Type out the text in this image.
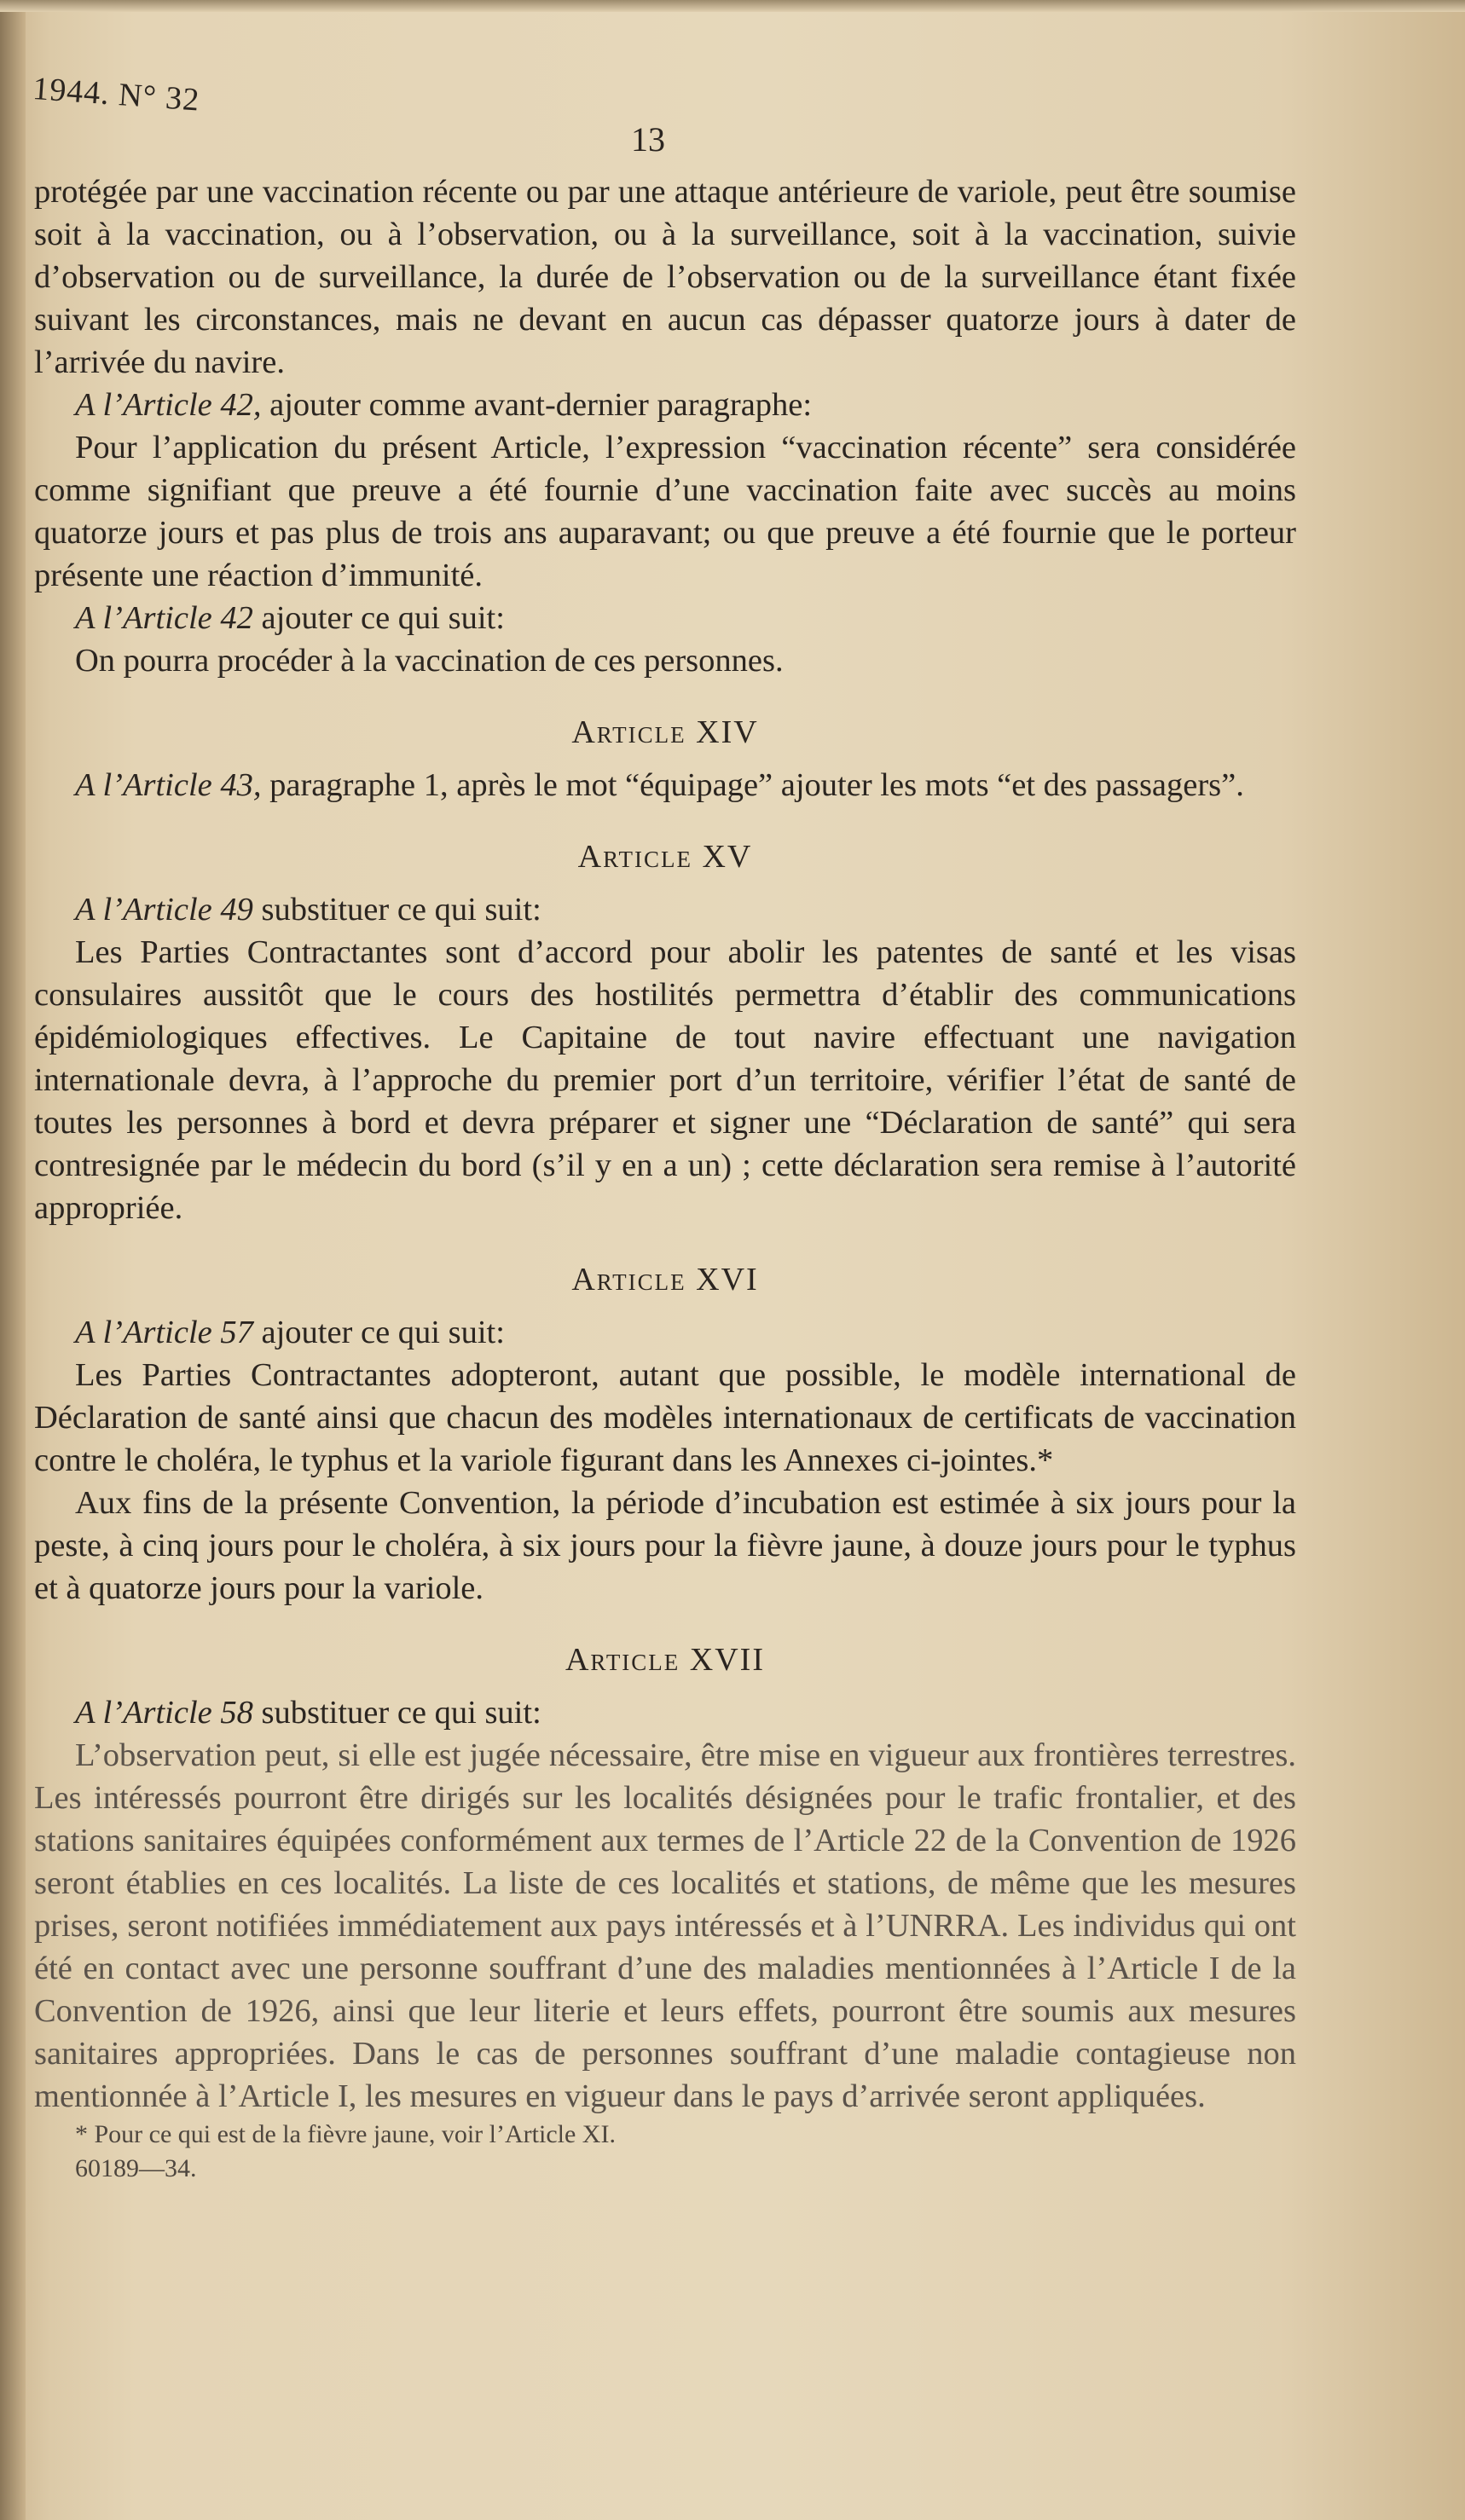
1944. N° 32
13

protégée par une vaccination récente ou par une attaque antérieure de variole, peut être soumise soit à la vaccination, ou à l’observation, ou à la surveillance, soit à la vaccination, suivie d’observation ou de surveillance, la durée de l’observation ou de la surveillance étant fixée suivant les circonstances, mais ne devant en aucun cas dépasser quatorze jours à dater de l’arrivée du navire.

A l’Article 42, ajouter comme avant-dernier paragraphe:

Pour l’application du présent Article, l’expression “vaccination récente” sera considérée comme signifiant que preuve a été fournie d’une vaccination faite avec succès au moins quatorze jours et pas plus de trois ans auparavant; ou que preuve a été fournie que le porteur présente une réaction d’immunité.

A l’Article 42 ajouter ce qui suit:

On pourra procéder à la vaccination de ces personnes.

Article XIV

A l’Article 43, paragraphe 1, après le mot “équipage” ajouter les mots “et des passagers”.

Article XV

A l’Article 49 substituer ce qui suit:

Les Parties Contractantes sont d’accord pour abolir les patentes de santé et les visas consulaires aussitôt que le cours des hostilités permettra d’établir des communications épidémiologiques effectives. Le Capitaine de tout navire effectuant une navigation internationale devra, à l’approche du premier port d’un territoire, vérifier l’état de santé de toutes les personnes à bord et devra préparer et signer une “Déclaration de santé” qui sera contresignée par le médecin du bord (s’il y en a un) ; cette déclaration sera remise à l’autorité appropriée.

Article XVI

A l’Article 57 ajouter ce qui suit:

Les Parties Contractantes adopteront, autant que possible, le modèle international de Déclaration de santé ainsi que chacun des modèles internationaux de certificats de vaccination contre le choléra, le typhus et la variole figurant dans les Annexes ci-jointes.*

Aux fins de la présente Convention, la période d’incubation est estimée à six jours pour la peste, à cinq jours pour le choléra, à six jours pour la fièvre jaune, à douze jours pour le typhus et à quatorze jours pour la variole.

Article XVII

A l’Article 58 substituer ce qui suit:

L’observation peut, si elle est jugée nécessaire, être mise en vigueur aux frontières terrestres. Les intéressés pourront être dirigés sur les localités désignées pour le trafic frontalier, et des stations sanitaires équipées conformément aux termes de l’Article 22 de la Convention de 1926 seront établies en ces localités. La liste de ces localités et stations, de même que les mesures prises, seront notifiées immédiatement aux pays intéressés et à l’UNRRA. Les individus qui ont été en contact avec une personne souffrant d’une des maladies mentionnées à l’Article I de la Convention de 1926, ainsi que leur literie et leurs effets, pourront être soumis aux mesures sanitaires appropriées. Dans le cas de personnes souffrant d’une maladie contagieuse non mentionnée à l’Article I, les mesures en vigueur dans le pays d’arrivée seront appliquées.

* Pour ce qui est de la fièvre jaune, voir l’Article XI.

60189—34.
